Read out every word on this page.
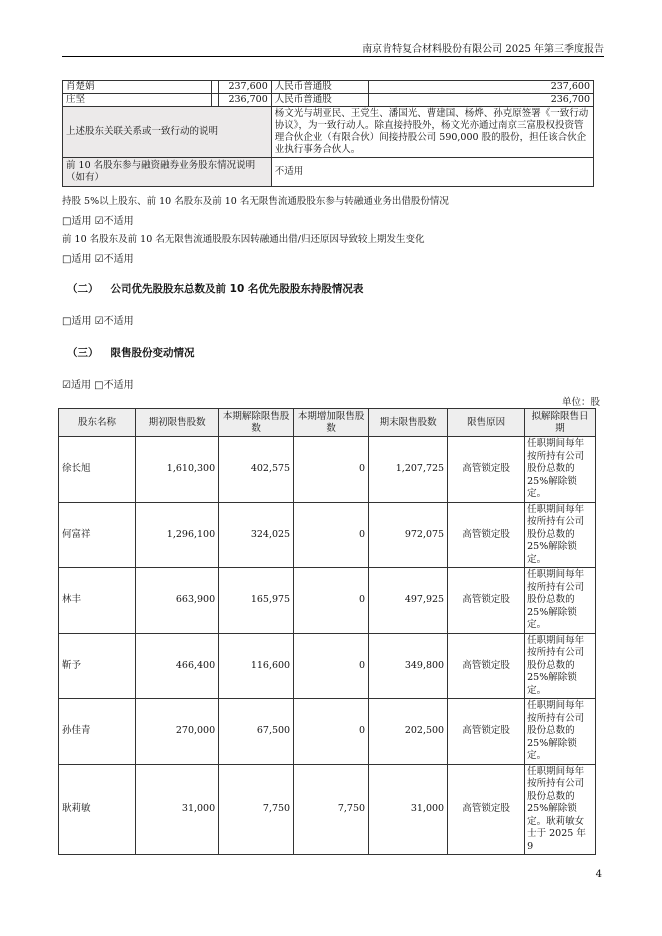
南京肯特复合材料股份有限公司 2025 年第三季度报告
肖楚娟		237,600	人民币普通股	237,600
庄坚		236,700	人民币普通股	236,700
上述股东关联关系或一致行动的说明			杨文光与胡亚民、王党生、潘国光、曹建国、杨烨、孙克原签署《一致行动协议》，为一致行动人。除直接持股外，杨文光亦通过南京三富股权投资管理合伙企业（有限合伙）间接持股公司 590,000 股的股份，担任该合伙企业执行事务合伙人。	
前 10 名股东参与融资融券业务股东情况说明（如有）			不适用	
持股 5%以上股东、前 10 名股东及前 10 名无限售流通股股东参与转融通业务出借股份情况
□适用 ☑不适用
前 10 名股东及前 10 名无限售流通股股东因转融通出借/归还原因导致较上期发生变化
□适用 ☑不适用
（二） 公司优先股股东总数及前 10 名优先股股东持股情况表
□适用 ☑不适用
（三） 限售股份变动情况
☑适用 □不适用
单位：股
股东名称	期初限售股数	本期解除限售股数	本期增加限售股数	期末限售股数	限售原因	拟解除限售日期
徐长旭	1,610,300	402,575	0	1,207,725	高管锁定股	任职期间每年按所持有公司股份总数的25%解除锁定。
何富祥	1,296,100	324,025	0	972,075	高管锁定股	任职期间每年按所持有公司股份总数的25%解除锁定。
林丰	663,900	165,975	0	497,925	高管锁定股	任职期间每年按所持有公司股份总数的25%解除锁定。
靳予	466,400	116,600	0	349,800	高管锁定股	任职期间每年按所持有公司股份总数的25%解除锁定。
孙佳青	270,000	67,500	0	202,500	高管锁定股	任职期间每年按所持有公司股份总数的25%解除锁定。
耿莉敏	31,000	7,750	7,750	31,000	高管锁定股	任职期间每年按所持有公司股份总数的25%解除锁定。耿莉敏女士于 2025 年 9
4
